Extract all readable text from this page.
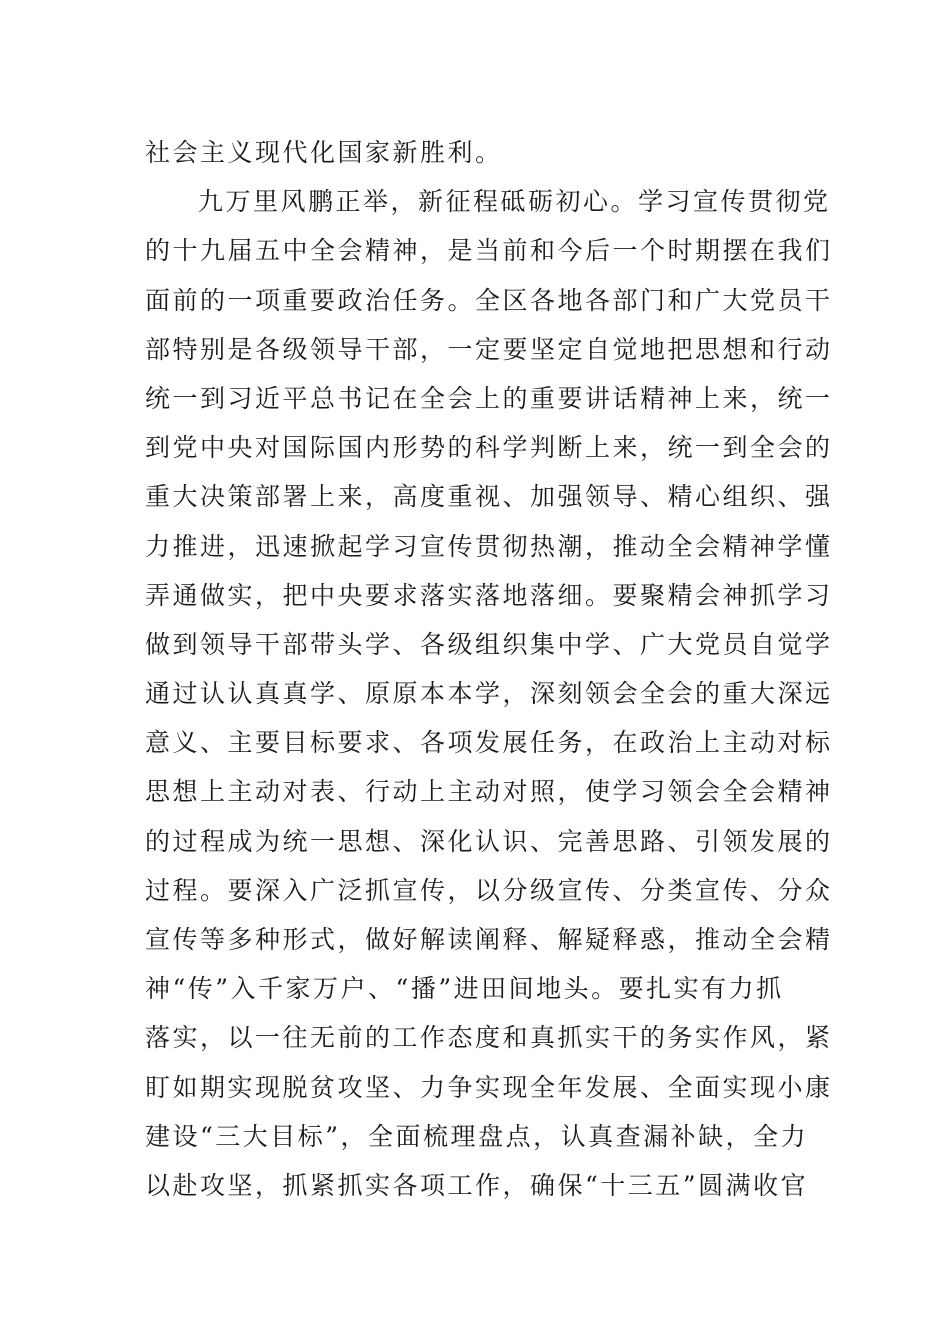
社会主义现代化国家新胜利。
九万里风鹏正举，新征程砥砺初心。学习宣传贯彻党
的十九届五中全会精神，是当前和今后一个时期摆在我们
面前的一项重要政治任务。全区各地各部门和广大党员干
部特别是各级领导干部，一定要坚定自觉地把思想和行动
统一到习近平总书记在全会上的重要讲话精神上来，统一
到党中央对国际国内形势的科学判断上来，统一到全会的
重大决策部署上来，高度重视、加强领导、精心组织、强
力推进，迅速掀起学习宣传贯彻热潮，推动全会精神学懂
弄通做实，把中央要求落实落地落细。要聚精会神抓学习
做到领导干部带头学、各级组织集中学、广大党员自觉学
通过认认真真学、原原本本学，深刻领会全会的重大深远
意义、主要目标要求、各项发展任务，在政治上主动对标
思想上主动对表、行动上主动对照，使学习领会全会精神
的过程成为统一思想、深化认识、完善思路、引领发展的
过程。要深入广泛抓宣传，以分级宣传、分类宣传、分众
宣传等多种形式，做好解读阐释、解疑释惑，推动全会精
神“传”入千家万户、“播”进田间地头。要扎实有力抓
落实，以一往无前的工作态度和真抓实干的务实作风，紧
盯如期实现脱贫攻坚、力争实现全年发展、全面实现小康
建设“三大目标”，全面梳理盘点，认真查漏补缺，全力
以赴攻坚，抓紧抓实各项工作，确保“十三五”圆满收官
